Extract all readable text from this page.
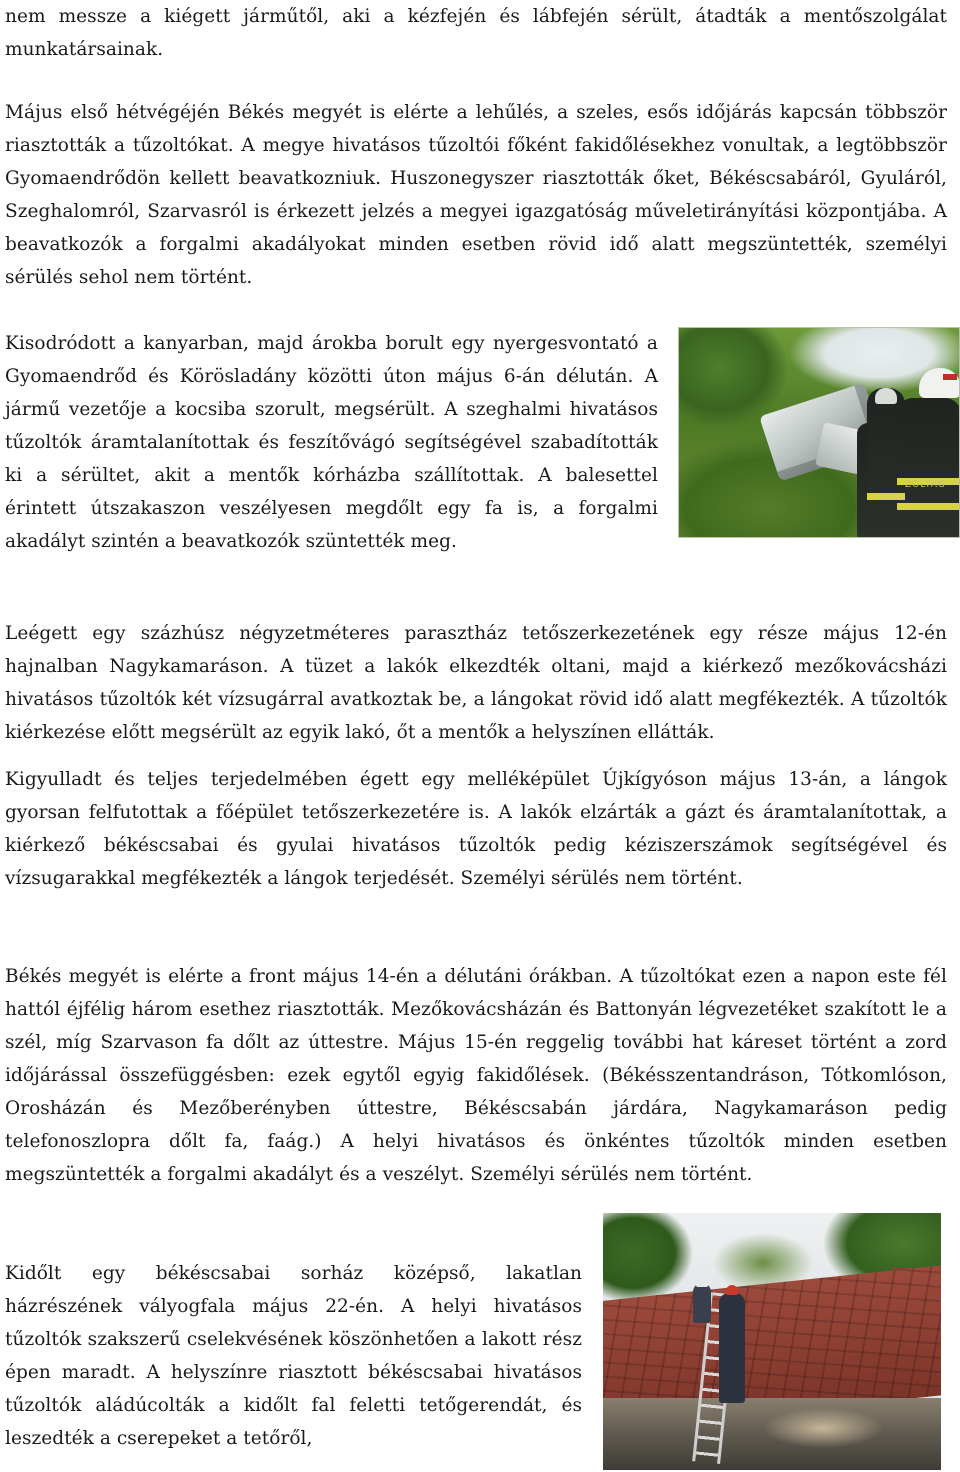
nem messze a kiégett járműtől, aki a kézfején és lábfején sérült, átadták a mentőszolgálat munkatársainak.

Május első hétvégéjén Békés megyét is elérte a lehűlés, a szeles, esős időjárás kapcsán többször riasztották a tűzoltókat. A megye hivatásos tűzoltói főként fakidőlésekhez vonultak, a legtöbbször Gyomaendrődön kellett beavatkozniuk. Huszonegyszer riasztották őket, Békéscsabáról, Gyuláról, Szeghalomról, Szarvasról is érkezett jelzés a megyei igazgatóság műveletirányítási központjába. A beavatkozók a forgalmi akadályokat minden esetben rövid idő alatt megszüntették, személyi sérülés sehol nem történt.

Kisodródott a kanyarban, majd árokba borult egy nyergesvontató a Gyomaendrőd és Körösladány közötti úton május 6-án délután. A jármű vezetője a kocsiba szorult, megsérült. A szeghalmi hivatásos tűzoltók áramtalanítottak és feszítővágó segítségével szabadították ki a sérültet, akit a mentők kórházba szállítottak. A balesettel érintett útszakaszon veszélyesen megdőlt egy fa is, a forgalmi akadályt szintén a beavatkozók szüntették meg.

ZOLTÁG

Leégett egy százhúsz négyzetméteres parasztház tetőszerkezetének egy része május 12-én hajnalban Nagykamaráson. A tüzet a lakók elkezdték oltani, majd a kiérkező mezőkovácsházi hivatásos tűzoltók két vízsugárral avatkoztak be, a lángokat rövid idő alatt megfékezték. A tűzoltók kiérkezése előtt megsérült az egyik lakó, őt a mentők a helyszínen ellátták.

Kigyulladt és teljes terjedelmében égett egy melléképület Újkígyóson május 13-án, a lángok gyorsan felfutottak a főépület tetőszerkezetére is. A lakók elzárták a gázt és áramtalanítottak, a kiérkező békéscsabai és gyulai hivatásos tűzoltók pedig kéziszerszámok segítségével és vízsugarakkal megfékezték a lángok terjedését. Személyi sérülés nem történt.

Békés megyét is elérte a front május 14-én a délutáni órákban. A tűzoltókat ezen a napon este fél hattól éjfélig három esethez riasztották. Mezőkovácsházán és Battonyán légvezetéket szakított le a szél, míg Szarvason fa dőlt az úttestre. Május 15-én reggelig további hat káreset történt a zord időjárással összefüggésben: ezek egytől egyig fakidőlések. (Békésszentandráson, Tótkomlóson, Orosházán és Mezőberényben úttestre, Békéscsabán járdára, Nagykamaráson pedig telefonoszlopra dőlt fa, faág.) A helyi hivatásos és önkéntes tűzoltók minden esetben megszüntették a forgalmi akadályt és a veszélyt. Személyi sérülés nem történt.

Kidőlt egy békéscsabai sorház középső, lakatlan házrészének vályogfala május 22-én. A helyi hivatásos tűzoltók szakszerű cselekvésének köszönhetően a lakott rész épen maradt. A helyszínre riasztott békéscsabai hivatásos tűzoltók aládúcolták a kidőlt fal feletti tetőgerendát, és leszedték a cserepeket a tetőről,
